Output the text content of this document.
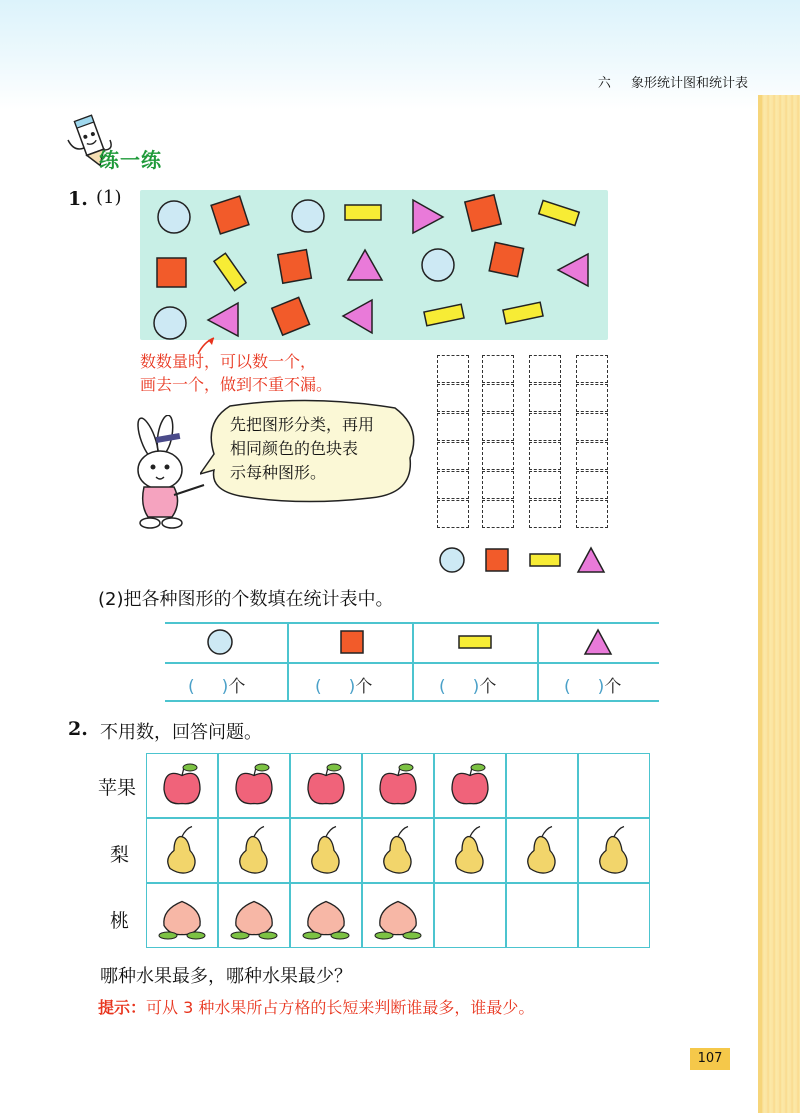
六 象形统计图和统计表
练一练
1. (1)
数数量时，可以数一个，
画去一个，做到不重不漏。
先把图形分类，再用
相同颜色的色块表
示每种图形。
(2)把各种图形的个数填在统计表中。
( )个	( )个	( )个	( )个
2. 不用数，回答问题。
苹果
梨
桃
哪种水果最多，哪种水果最少？
提示：可从 3 种水果所占方格的长短来判断谁最多，谁最少。
107
